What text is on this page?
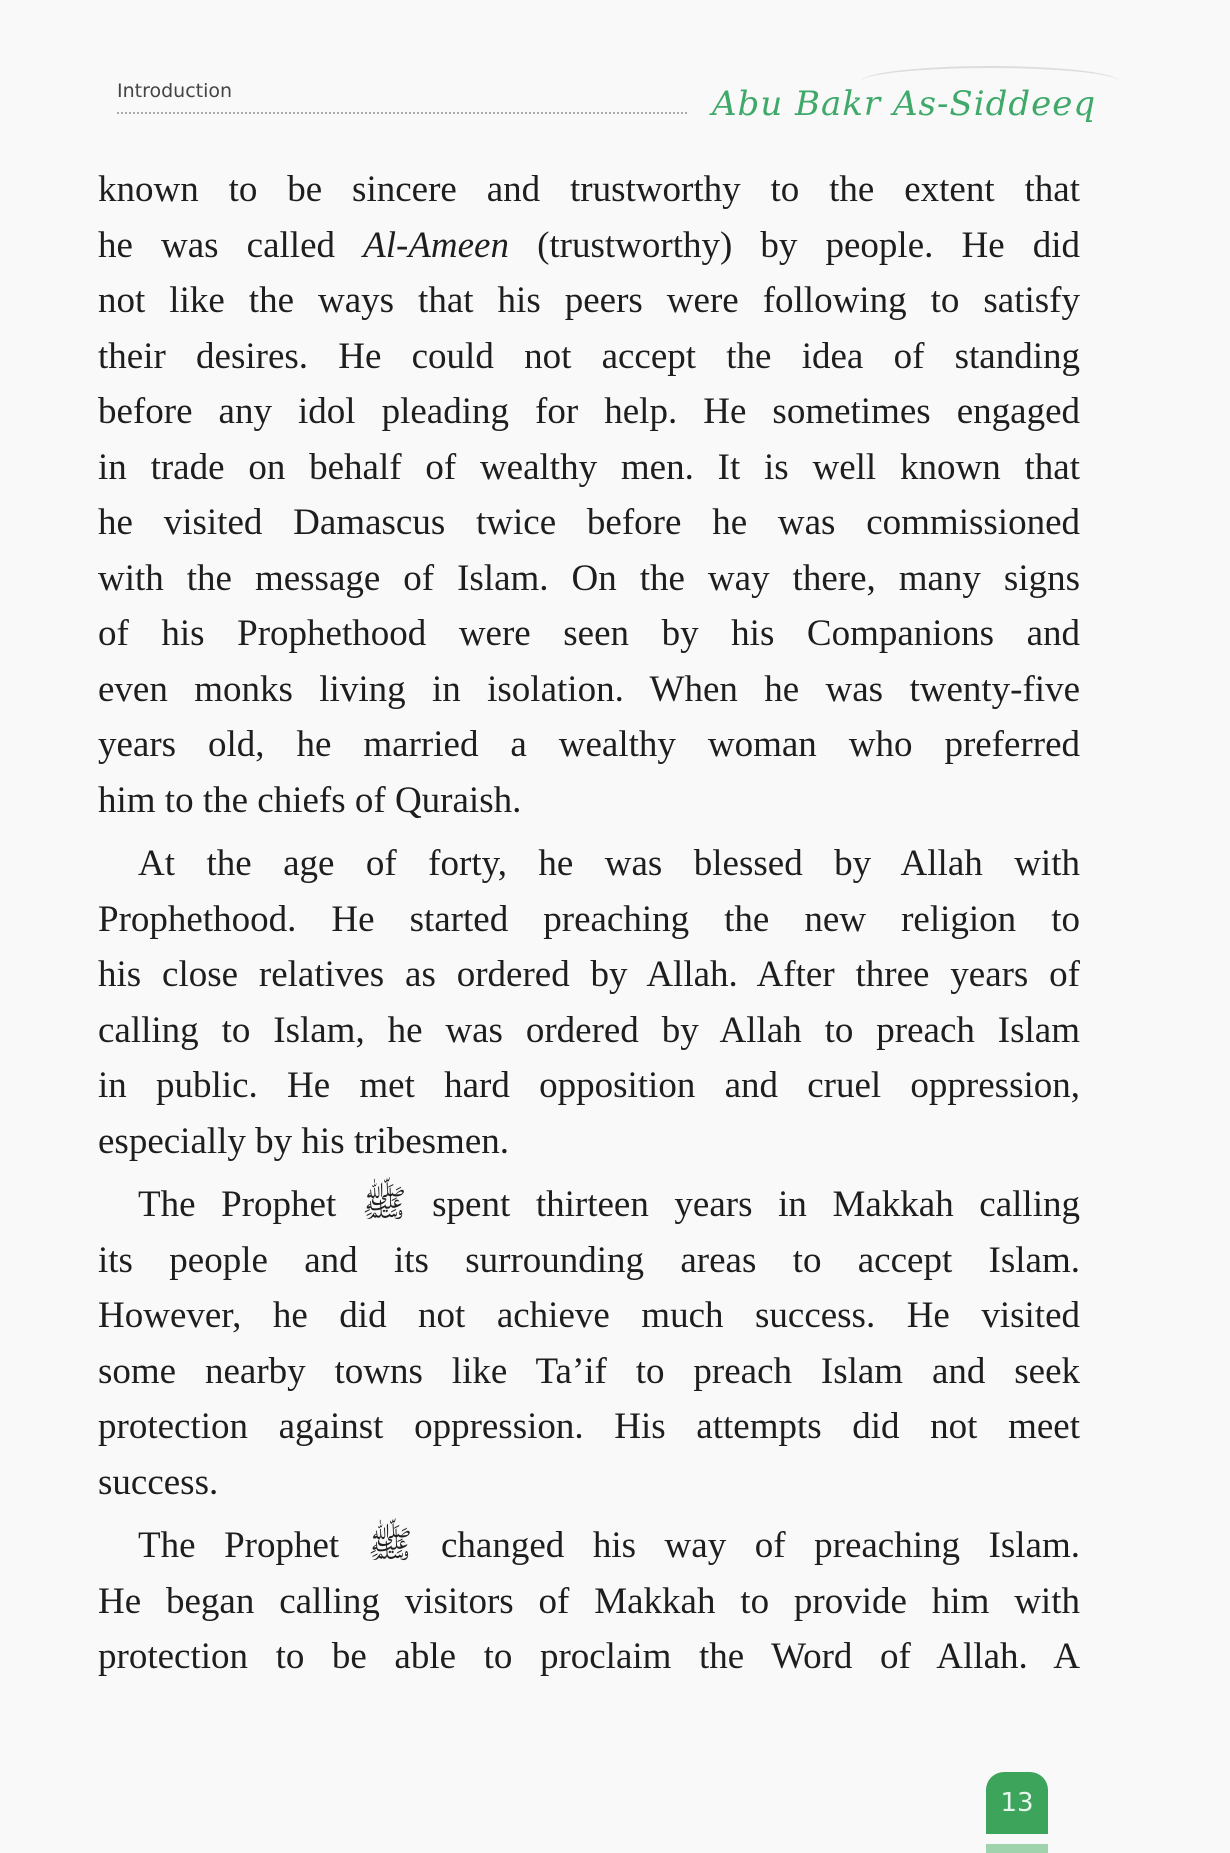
Introduction	Abu Bakr As-Siddeeq
known to be sincere and trustworthy to the extent that
he was called Al-Ameen (trustworthy) by people. He did
not like the ways that his peers were following to satisfy
their desires. He could not accept the idea of standing
before any idol pleading for help. He sometimes engaged
in trade on behalf of wealthy men. It is well known that
he visited Damascus twice before he was commissioned
with the message of Islam. On the way there, many signs
of his Prophethood were seen by his Companions and
even monks living in isolation. When he was twenty-five
years old, he married a wealthy woman who preferred
him to the chiefs of Quraish.
At the age of forty, he was blessed by Allah with
Prophethood. He started preaching the new religion to
his close relatives as ordered by Allah. After three years of
calling to Islam, he was ordered by Allah to preach Islam
in public. He met hard opposition and cruel oppression,
especially by his tribesmen.
The Prophet ﷺ spent thirteen years in Makkah calling
its people and its surrounding areas to accept Islam.
However, he did not achieve much success. He visited
some nearby towns like Ta’if to preach Islam and seek
protection against oppression. His attempts did not meet
success.
The Prophet ﷺ changed his way of preaching Islam.
He began calling visitors of Makkah to provide him with
protection to be able to proclaim the Word of Allah. A
13
